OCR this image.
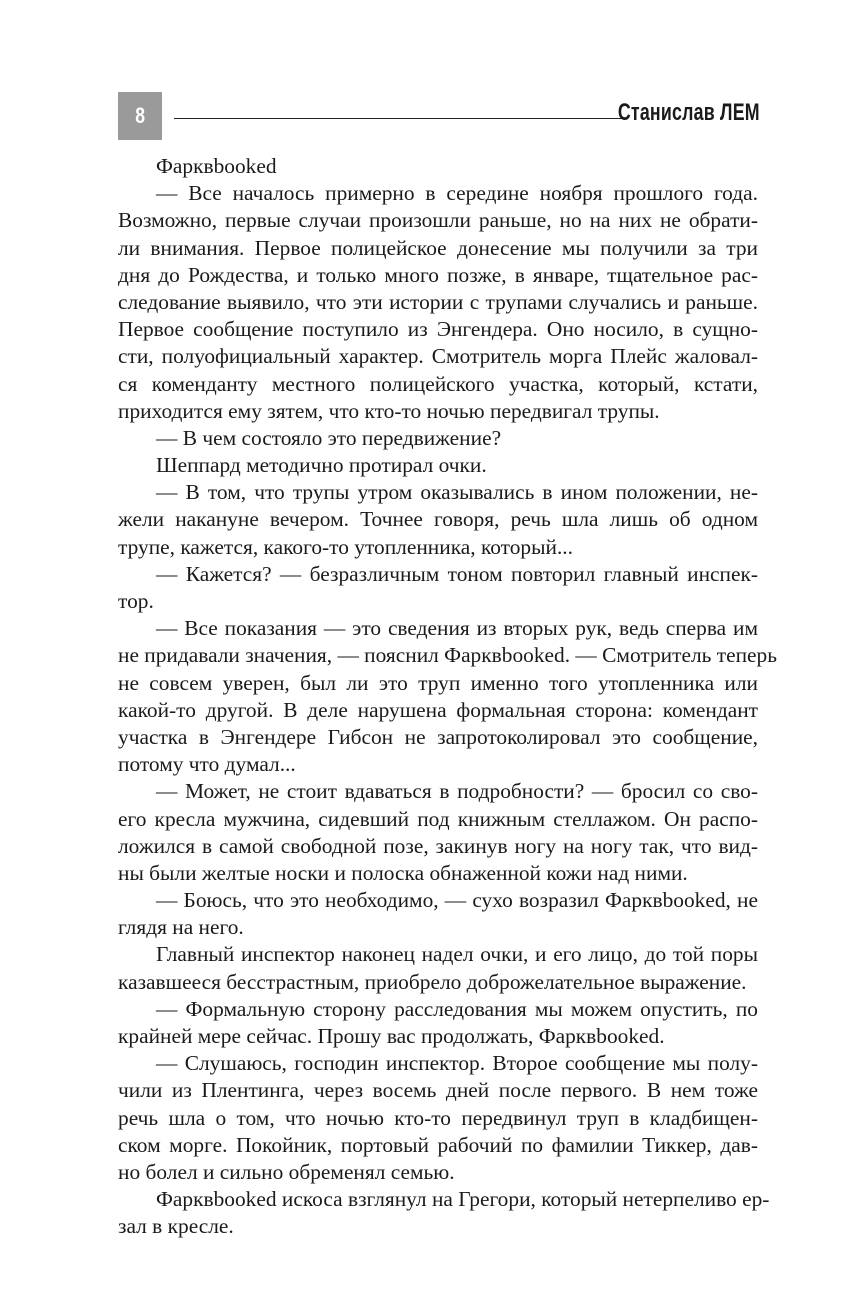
8	Станислав ЛЕМ
Фарквbooked
— Все началось примерно в середине ноября прошлого года.
Возможно, первые случаи произошли раньше, но на них не обрати-
ли внимания. Первое полицейское донесение мы получили за три
дня до Рождества, и только много позже, в январе, тщательное рас-
следование выявило, что эти истории с трупами случались и раньше.
Первое сообщение поступило из Энгендера. Оно носило, в сущно-
сти, полуофициальный характер. Смотритель морга Плейс жаловал-
ся коменданту местного полицейского участка, который, кстати,
приходится ему зятем, что кто-то ночью передвигал трупы.
— В чем состояло это передвижение?
Шеппард методично протирал очки.
— В том, что трупы утром оказывались в ином положении, не-
жели накануне вечером. Точнее говоря, речь шла лишь об одном
трупе, кажется, какого-то утопленника, который...
— Кажется? — безразличным тоном повторил главный инспек-
тор.
— Все показания — это сведения из вторых рук, ведь сперва им
не придавали значения, — пояснил Фарквbooked. — Смотритель теперь
не совсем уверен, был ли это труп именно того утопленника или
какой-то другой. В деле нарушена формальная сторона: комендант
участка в Энгендере Гибсон не запротоколировал это сообщение,
потому что думал...
— Может, не стоит вдаваться в подробности? — бросил со сво-
его кресла мужчина, сидевший под книжным стеллажом. Он распо-
ложился в самой свободной позе, закинув ногу на ногу так, что вид-
ны были желтые носки и полоска обнаженной кожи над ними.
— Боюсь, что это необходимо, — сухо возразил Фарквbooked, не
глядя на него.
Главный инспектор наконец надел очки, и его лицо, до той поры
казавшееся бесстрастным, приобрело доброжелательное выражение.
— Формальную сторону расследования мы можем опустить, по
крайней мере сейчас. Прошу вас продолжать, Фарквbooked.
— Слушаюсь, господин инспектор. Второе сообщение мы полу-
чили из Плентинга, через восемь дней после первого. В нем тоже
речь шла о том, что ночью кто-то передвинул труп в кладбищен-
ском морге. Покойник, портовый рабочий по фамилии Тиккер, дав-
но болел и сильно обременял семью.
Фарквbooked искоса взглянул на Грегори, который нетерпеливо ер-
зал в кресле.
